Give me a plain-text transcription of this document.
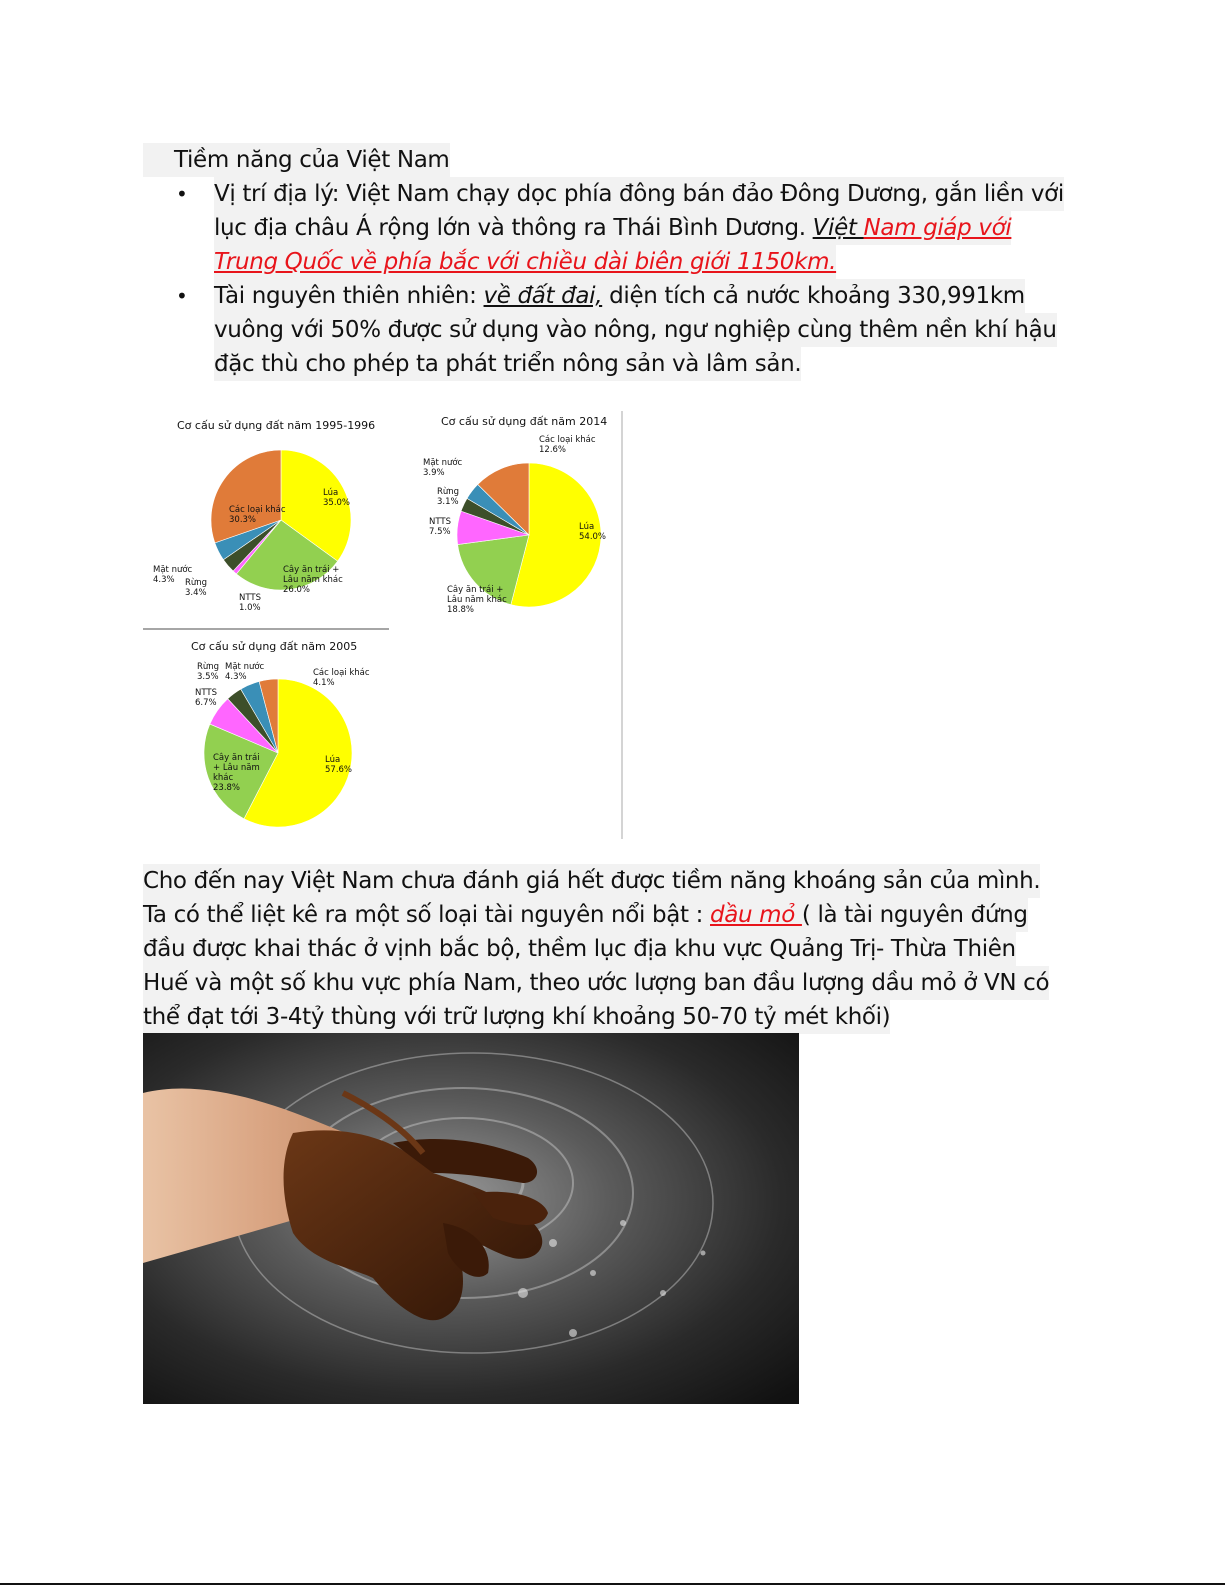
Tiềm năng của Việt Nam
• Vị trí địa lý: Việt Nam chạy dọc phía đông bán đảo Đông Dương, gắn liền với
lục địa châu Á rộng lớn và thông ra Thái Bình Dương. Việt Nam giáp với
Trung Quốc về phía bắc với chiều dài biên giới 1150km.
• Tài nguyên thiên nhiên: về đất đai, diện tích cả nước khoảng 330,991km
vuông với 50% được sử dụng vào nông, ngư nghiệp cùng thêm nền khí hậu
đặc thù cho phép ta phát triển nông sản và lâm sản.
Cơ cấu sử dụng đất năm 1995-1996
Lúa 35.0%
Cây ăn trái + Lâu năm khác 26.0%
NTTS 1.0%
Rừng 3.4%
Mặt nước 4.3%
Các loại khác 30.3%
Cơ cấu sử dụng đất năm 2014
Lúa 54.0%
Cây ăn trái + Lâu năm khác 18.8%
NTTS 7.5%
Rừng 3.1%
Mặt nước 3.9%
Các loại khác 12.6%
Cơ cấu sử dụng đất năm 2005
Lúa 57.6%
Cây ăn trái + Lâu năm khác 23.8%
NTTS 6.7%
Rừng 3.5%
Mặt nước 4.3%	Các loại khác 4.1%
Cho đến nay Việt Nam chưa đánh giá hết được tiềm năng khoáng sản của mình.
Ta có thể liệt kê ra một số loại tài nguyên nổi bật : dầu mỏ ( là tài nguyên đứng
đầu được khai thác ở vịnh bắc bộ, thềm lục địa khu vực Quảng Trị- Thừa Thiên
Huế và một số khu vực phía Nam, theo ước lượng ban đầu lượng dầu mỏ ở VN có
thể đạt tới 3-4tỷ thùng với trữ lượng khí khoảng 50-70 tỷ mét khối)
